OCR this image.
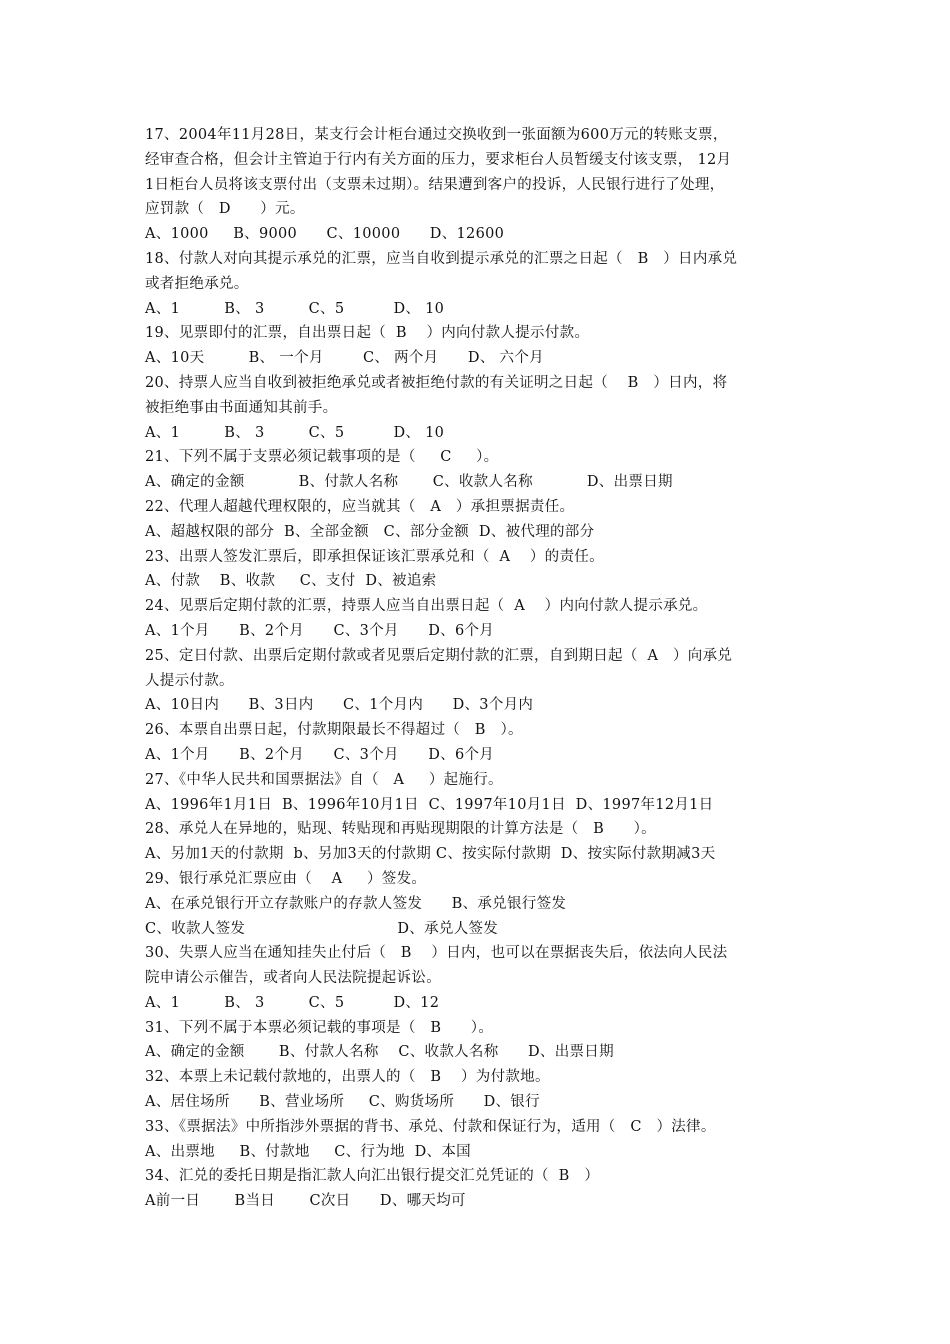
17、2004年11月28日，某支行会计柜台通过交换收到一张面额为600万元的转账支票，
经审查合格，但会计主管迫于行内有关方面的压力，要求柜台人员暂缓支付该支票， 12月
1日柜台人员将该支票付出（支票未过期）。结果遭到客户的投诉，人民银行进行了处理，
应罚款（   D      ）元。
A、1000     B、9000      C、10000      D、12600
18、付款人对向其提示承兑的汇票，应当自收到提示承兑的汇票之日起（   B   ）日内承兑
或者拒绝承兑。
A、1         B、 3         C、5          D、 10
19、见票即付的汇票，自出票日起（  B    ）内向付款人提示付款。
A、10天         B、 一个月        C、 两个月      D、 六个月
20、持票人应当自收到被拒绝承兑或者被拒绝付款的有关证明之日起（    B   ）日内，将
被拒绝事由书面通知其前手。
A、1         B、 3         C、5          D、 10
21、下列不属于支票必须记载事项的是（     C     ）。
A、确定的金额           B、付款人名称       C、收款人名称           D、出票日期
22、代理人超越代理权限的，应当就其（   A   ）承担票据责任。
A、超越权限的部分  B、全部金额   C、部分金额  D、被代理的部分
23、出票人签发汇票后，即承担保证该汇票承兑和（  A    ）的责任。
A、付款    B、收款     C、支付  D、被追索
24、见票后定期付款的汇票，持票人应当自出票日起（  A    ）内向付款人提示承兑。
A、1个月      B、2个月      C、3个月      D、6个月
25、定日付款、出票后定期付款或者见票后定期付款的汇票，自到期日起（  A   ）向承兑
人提示付款。
A、10日内      B、3日内      C、1个月内      D、3个月内
26、本票自出票日起，付款期限最长不得超过（   B   ）。
A、1个月      B、2个月      C、3个月      D、6个月
27、《中华人民共和国票据法》自（   A     ）起施行。
A、1996年1月1日  B、1996年10月1日  C、1997年10月1日  D、1997年12月1日
28、承兑人在异地的，贴现、转贴现和再贴现期限的计算方法是（   B      ）。
A、另加1天的付款期  b、另加3天的付款期 C、按实际付款期  D、按实际付款期减3天
29、银行承兑汇票应由（    A     ）签发。
A、在承兑银行开立存款账户的存款人签发      B、承兑银行签发
C、收款人签发                               D、承兑人签发
30、失票人应当在通知挂失止付后（   B    ）日内，也可以在票据丧失后，依法向人民法
院申请公示催告，或者向人民法院提起诉讼。
A、1         B、 3         C、5          D、12
31、下列不属于本票必须记载的事项是（   B      ）。
A、确定的金额       B、付款人名称    C、收款人名称      D、出票日期
32、本票上未记载付款地的，出票人的（   B    ）为付款地。
A、居住场所      B、营业场所     C、购货场所      D、银行
33、《票据法》中所指涉外票据的背书、承兑、付款和保证行为，适用（   C   ）法律。
A、出票地     B、付款地     C、行为地  D、本国
34、汇兑的委托日期是指汇款人向汇出银行提交汇兑凭证的（  B   ）
A前一日       B当日       C次日      D、哪天均可
